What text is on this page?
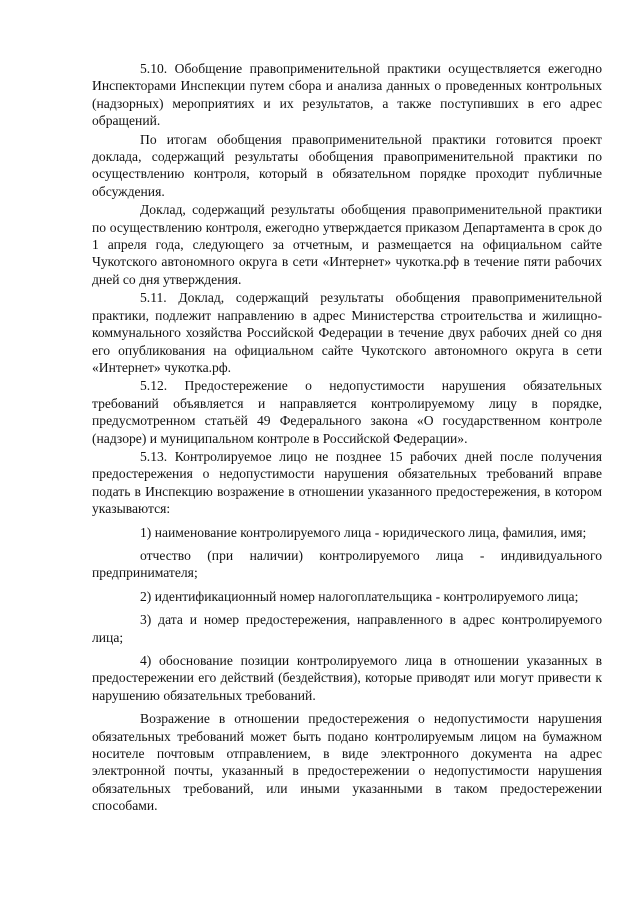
5.10. Обобщение правоприменительной практики осуществляется ежегодно Инспекторами Инспекции путем сбора и анализа данных о проведенных контрольных (надзорных) мероприятиях и их результатов, а также поступивших в его адрес обращений.

По итогам обобщения правоприменительной практики готовится проект доклада, содержащий результаты обобщения правоприменительной практики по осуществлению контроля, который в обязательном порядке проходит публичные обсуждения.

Доклад, содержащий результаты обобщения правоприменительной практики по осуществлению контроля, ежегодно утверждается приказом Департамента в срок до 1 апреля года, следующего за отчетным, и размещается на официальном сайте Чукотского автономного округа в сети «Интернет» чукотка.рф в течение пяти рабочих дней со дня утверждения.

5.11. Доклад, содержащий результаты обобщения правоприменительной практики, подлежит направлению в адрес Министерства строительства и жилищно-коммунального хозяйства Российской Федерации в течение двух рабочих дней со дня его опубликования на официальном сайте Чукотского автономного округа в сети «Интернет» чукотка.рф.

5.12. Предостережение о недопустимости нарушения обязательных требований объявляется и направляется контролируемому лицу в порядке, предусмотренном статьёй 49 Федерального закона «О государственном контроле (надзоре) и муниципальном контроле в Российской Федерации».

5.13. Контролируемое лицо не позднее 15 рабочих дней после получения предостережения о недопустимости нарушения обязательных требований вправе подать в Инспекцию возражение в отношении указанного предостережения, в котором указываются:

1) наименование контролируемого лица - юридического лица, фамилия, имя;

отчество (при наличии) контролируемого лица - индивидуального предпринимателя;

2) идентификационный номер налогоплательщика - контролируемого лица;

3) дата и номер предостережения, направленного в адрес контролируемого лица;

4) обоснование позиции контролируемого лица в отношении указанных в предостережении его действий (бездействия), которые приводят или могут привести к нарушению обязательных требований.

Возражение в отношении предостережения о недопустимости нарушения обязательных требований может быть подано контролируемым лицом на бумажном носителе почтовым отправлением, в виде электронного документа на адрес электронной почты, указанный в предостережении о недопустимости нарушения обязательных требований, или иными указанными в таком предостережении способами.
